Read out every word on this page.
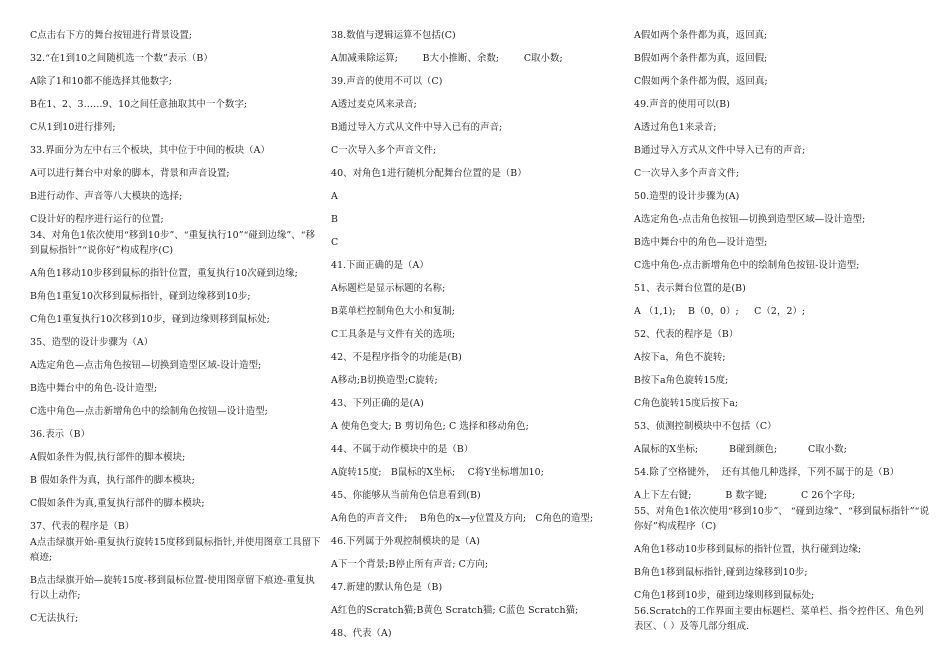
C点击右下方的舞台按钮进行背景设置;
32.“在1到10之间随机选一个数”表示（B）
A除了1和10都不能选择其他数字;
B在1、2、3……9、10之间任意抽取其中一个数字;
C从1到10进行排列;
33.界面分为左中右三个板块，其中位于中间的板块（A）
A可以进行舞台中对象的脚本，背景和声音设置;
B进行动作、声音等八大模块的选择;
C设计好的程序进行运行的位置;
34、对角色1依次使用“移到10步”、“重复执行10”“碰到边缘”、“移到鼠标指针”“说你好”构成程序(C)
A角色1移动10步移到鼠标的指针位置，重复执行10次碰到边缘;
B角色1重复10次移到鼠标指针，碰到边缘移到10步;
C角色1重复执行10次移到10步，碰到边缘则移到鼠标处;
35、造型的设计步骤为（A）
A选定角色—点击角色按钮—切换到造型区域-设计造型;
B选中舞台中的角色-设计造型;
C选中角色—点击新增角色中的绘制角色按钮—设计造型;
36.表示（B）
A假如条件为假,执行部件的脚本模块;
B 假如条件为真，执行部件的脚本模块;
C假如条件为真,重复执行部件的脚本模块;
37、代表的程序是（B）
A点击绿旗开始-重复执行旋转15度移到鼠标指针,并使用图章工具留下痕迹;
B点击绿旗开始—旋转15度-移到鼠标位置-使用图章留下痕迹-重复执行以上动作;
C无法执行;
38.数值与逻辑运算不包括(C)
A加减乘除运算;        B大小推断、余数;        C取小数;
39.声音的使用不可以（C)
A透过麦克风来录音;
B通过导入方式从文件中导入已有的声音;
C一次导入多个声音文件;
40、对角色1进行随机分配舞台位置的是（B）
A
B
C
41.下面正确的是（A）
A标题栏是显示标题的名称;
B菜单栏控制角色大小和复制;
C工具条是与文件有关的选项;
42、不是程序指令的功能是(B)
A移动;B切换造型;C旋转;
43、下列正确的是(A)
A 使角色变大; B 剪切角色; C 选择和移动角色;
44、不属于动作模块中的是（B）
A旋转15度;   B鼠标的X坐标;    C将Y坐标增加10;
45、你能够从当前角色信息看到(B)
A角色的声音文件;    B角色的x—y位置及方向;   C角色的造型;
46.下列属于外观控制模块的是（A)
A下一个背景;B停止所有声音; C方向;
47.新建的默认角色是（B)
A红色的Scratch猫;B黄色 Scratch猫; C蓝色 Scratch猫;
48、代表（A)
A假如两个条件都为真，返回真;
B假如两个条件都为真，返回假;
C假如两个条件都为假，返回真;
49.声音的使用可以(B)
A透过角色1来录音;
B通过导入方式从文件中导入已有的声音;
C一次导入多个声音文件;
50.造型的设计步骤为(A)
A选定角色-点击角色按钮—切换到造型区域—设计造型;
B选中舞台中的角色—设计造型;
C选中角色-点击新增角色中的绘制角色按钮-设计造型;
51、表示舞台位置的是(B)
A （1,1);    B（0，0）;     C（2，2）;
52、代表的程序是（B）
A按下a，角色不旋转;
B按下a角色旋转15度;
C角色旋转15度后按下a;
53、侦测控制模块中不包括（C）
A鼠标的X坐标;          B碰到颜色;          C取小数;
54.除了空格键外，  还有其他几种选择，下列不属于的是（B）
A上下左右键;           B 数字键;           C 26个字母;
55、对角色1依次使用“移到10步”、 “碰到边缘”、“移到鼠标指针”“说你好”构成程序（C)
A角色1移动10步移到鼠标的指针位置，执行碰到边缘;
B角色1移到鼠标指针,碰到边缘移到10步;
C角色1移到10步，碰到边缘则移到鼠标处;
56.Scratch的工作界面主要由标题栏、菜单栏、指令控件区、角色列表区、（ ）及等几部分组成.
